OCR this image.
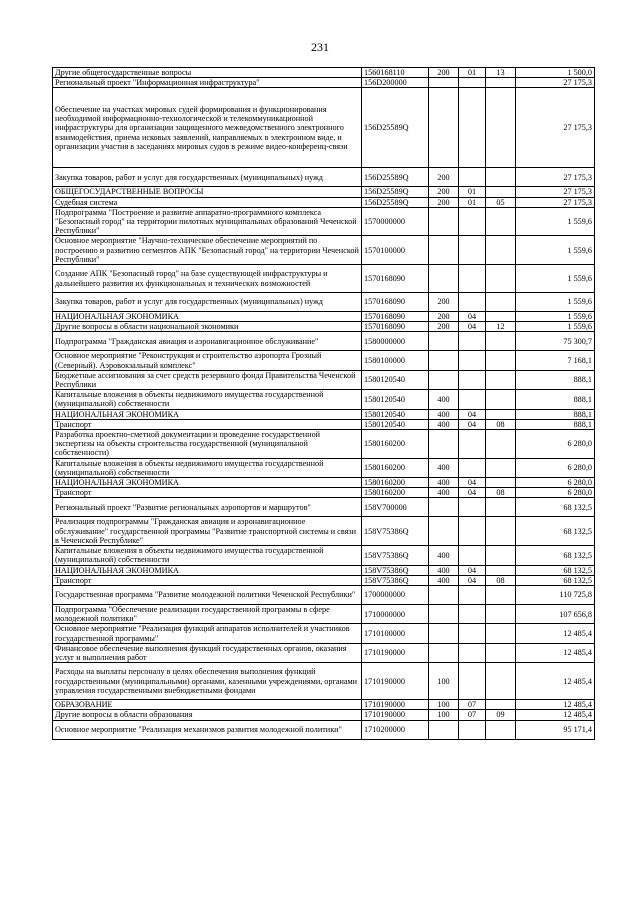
231
Другие общегосударственные вопросы	1560168110	200	01	13	1 500,0
Региональный проект "Информационная инфраструктура"	156D200000				27 175,3
Обеспечение на участках мировых судей формирования и функционирования необходимой информационно-технологической и телекоммуникационной инфраструктуры для организации защищенного межведомственного электронного взаимодействия, приема исковых заявлений, направляемых в электронном виде, и организации участия в заседаниях мировых судов в режиме видео-конференц-связи	156D25589Q				27 175,3
Закупка товаров, работ и услуг для государственных (муниципальных) нужд	156D25589Q	200			27 175,3
ОБЩЕГОСУДАРСТВЕННЫЕ ВОПРОСЫ	156D25589Q	200	01		27 175,3
Судебная система	156D25589Q	200	01	05	27 175,3
Подпрограмма "Построение и развитие аппаратно-программного комплекса "Безопасный город" на территории пилотных муниципальных образований Чеченской Республики"	1570000000				1 559,6
Основное мероприятие "Научно-техническое обеспечение мероприятий по построению и развитию сегментов АПК "Безопасный город" на территории Чеченской Республики"	1570100000				1 559,6
Создание АПК "Безопасный город" на базе существующей инфраструктуры и дальнейшего развития их функциональных и технических возможностей	1570168090				1 559,6
Закупка товаров, работ и услуг для государственных (муниципальных) нужд	1570168090	200			1 559,6
НАЦИОНАЛЬНАЯ ЭКОНОМИКА	1570168090	200	04		1 559,6
Другие вопросы в области национальной экономики	1570168090	200	04	12	1 559,6
Подпрограмма "Гражданская авиация и аэронавигационное обслуживание"	1580000000				75 300,7
Основное мероприятие "Реконструкция и строительство аэропорта Грозный (Северный). Аэровокзальный комплекс"	1580100000				7 168,1
Бюджетные ассигнования за счет средств резервного фонда Правительства Чеченской Республики	1580120540				888,1
Капитальные вложения в объекты недвижимого имущества государственной (муниципальной) собственности	1580120540	400			888,1
НАЦИОНАЛЬНАЯ ЭКОНОМИКА	1580120540	400	04		888,1
Транспорт	1580120540	400	04	08	888,1
Разработка проектно-сметной документации и проведение государственной экспертизы на объекты строительства государственной (муниципальной собственности)	1580160200				6 280,0
Капитальные вложения в объекты недвижимого имущества государственной (муниципальной) собственности	1580160200	400			6 280,0
НАЦИОНАЛЬНАЯ ЭКОНОМИКА	1580160200	400	04		6 280,0
Транспорт	1580160200	400	04	08	6 280,0
Региональный проект "Развитие региональных аэропортов и маршрутов"	158V700000				68 132,5
Реализация подпрограммы "Гражданская авиация и аэронавигационное обслуживание" государственной программы "Развитие транспортной системы и связи в Чеченской Республике"	158V75386Q				68 132,5
Капитальные вложения в объекты недвижимого имущества государственной (муниципальной) собственности	158V75386Q	400			68 132,5
НАЦИОНАЛЬНАЯ ЭКОНОМИКА	158V75386Q	400	04		68 132,5
Транспорт	158V75386Q	400	04	08	68 132,5
Государственная программа "Развитие молодежной политики Чеченской Республики"	1700000000				110 725,8
Подпрограмма "Обеспечение реализации государственной программы в сфере молодежной политики"	1710000000				107 656,8
Основное мероприятие "Реализация функций аппаратов исполнителей и участников государственной программы"	1710100000				12 485,4
Финансовое обеспечение выполнения функций государственных органов, оказания услуг и выполнения работ	1710190000				12 485,4
Расходы на выплаты персоналу в целях обеспечения выполнения функций государственными (муниципальными) органами, казенными учреждениями, органами управления государственными внебюджетными фондами	1710190000	100			12 485,4
ОБРАЗОВАНИЕ	1710190000	100	07		12 485,4
Другие вопросы в области образования	1710190000	100	07	09	12 485,4
Основное мероприятие "Реализация механизмов развития молодежной политики"	1710200000				95 171,4
